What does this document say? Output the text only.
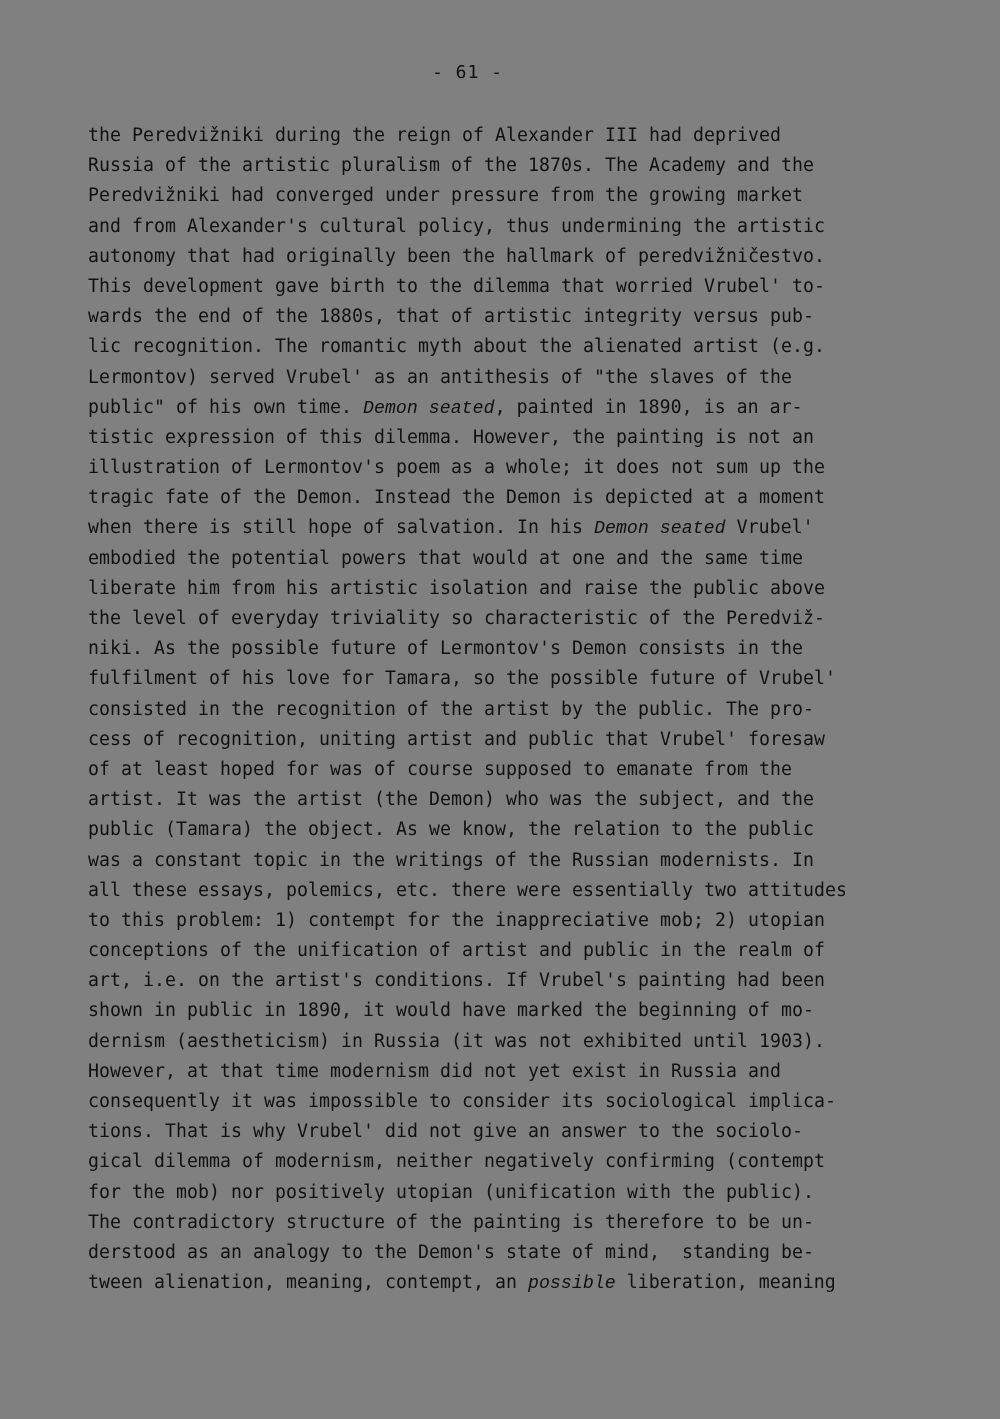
- 61 -
the Peredvižniki during the reign of Alexander III had deprived
Russia of the artistic pluralism of the 1870s. The Academy and the
Peredvižniki had converged under pressure from the growing market
and from Alexander's cultural policy, thus undermining the artistic
autonomy that had originally been the hallmark of peredvižničestvo.
This development gave birth to the dilemma that worried Vrubel' to-
wards the end of the 1880s, that of artistic integrity versus pub-
lic recognition. The romantic myth about the alienated artist (e.g.
Lermontov) served Vrubel' as an antithesis of "the slaves of the
public" of his own time. Demon seated, painted in 1890, is an ar-
tistic expression of this dilemma. However, the painting is not an
illustration of Lermontov's poem as a whole; it does not sum up the
tragic fate of the Demon. Instead the Demon is depicted at a moment
when there is still hope of salvation. In his Demon seated Vrubel'
embodied the potential powers that would at one and the same time
liberate him from his artistic isolation and raise the public above
the level of everyday triviality so characteristic of the Peredviž-
niki. As the possible future of Lermontov's Demon consists in the
fulfilment of his love for Tamara, so the possible future of Vrubel'
consisted in the recognition of the artist by the public. The pro-
cess of recognition, uniting artist and public that Vrubel' foresaw
of at least hoped for was of course supposed to emanate from the
artist. It was the artist (the Demon) who was the subject, and the
public (Tamara) the object. As we know, the relation to the public
was a constant topic in the writings of the Russian modernists. In
all these essays, polemics, etc. there were essentially two attitudes
to this problem: 1) contempt for the inappreciative mob; 2) utopian
conceptions of the unification of artist and public in the realm of
art, i.e. on the artist's conditions. If Vrubel's painting had been
shown in public in 1890, it would have marked the beginning of mo-
dernism (aestheticism) in Russia (it was not exhibited until 1903).
However, at that time modernism did not yet exist in Russia and
consequently it was impossible to consider its sociological implica-
tions. That is why Vrubel' did not give an answer to the sociolo-
gical dilemma of modernism, neither negatively confirming (contempt
for the mob) nor positively utopian (unification with the public).
The contradictory structure of the painting is therefore to be un-
derstood as an analogy to the Demon's state of mind,  standing be-
tween alienation, meaning, contempt, an possible liberation, meaning
